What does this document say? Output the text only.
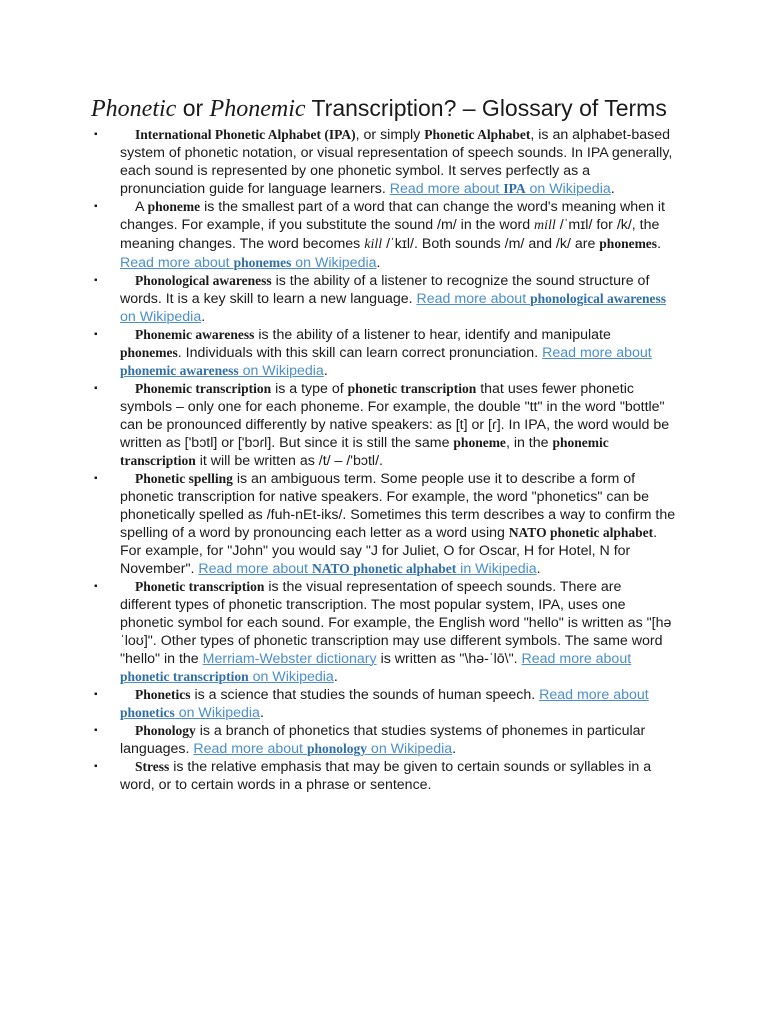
Phonetic or Phonemic Transcription? – Glossary of Terms
▪	International Phonetic Alphabet (IPA), or simply Phonetic Alphabet, is an alphabet-based system of phonetic notation, or visual representation of speech sounds. In IPA generally, each sound is represented by one phonetic symbol. It serves perfectly as a pronunciation guide for language learners. Read more about IPA on Wikipedia.
▪	A phoneme is the smallest part of a word that can change the word's meaning when it changes. For example, if you substitute the sound /m/ in the word mill /ˈmɪl/ for /k/, the meaning changes. The word becomes kill /ˈkɪl/. Both sounds /m/ and /k/ are phonemes. Read more about phonemes on Wikipedia.
▪	Phonological awareness is the ability of a listener to recognize the sound structure of words. It is a key skill to learn a new language. Read more about phonological awareness on Wikipedia.
▪	Phonemic awareness is the ability of a listener to hear, identify and manipulate phonemes. Individuals with this skill can learn correct pronunciation. Read more about phonemic awareness on Wikipedia.
▪	Phonemic transcription is a type of phonetic transcription that uses fewer phonetic symbols – only one for each phoneme. For example, the double "tt" in the word "bottle" can be pronounced differently by native speakers: as [t] or [ɾ]. In IPA, the word would be written as ['bɔtl] or ['bɔɾl]. But since it is still the same phoneme, in the phonemic transcription it will be written as /t/ – /'bɔtl/.
▪	Phonetic spelling is an ambiguous term. Some people use it to describe a form of phonetic transcription for native speakers. For example, the word "phonetics" can be phonetically spelled as /fuh-nEt-iks/. Sometimes this term describes a way to confirm the spelling of a word by pronouncing each letter as a word using NATO phonetic alphabet. For example, for "John" you would say "J for Juliet, O for Oscar, H for Hotel, N for November". Read more about NATO phonetic alphabet in Wikipedia.
▪	Phonetic transcription is the visual representation of speech sounds. There are different types of phonetic transcription. The most popular system, IPA, uses one phonetic symbol for each sound. For example, the English word "hello" is written as "[həˈloʊ]". Other types of phonetic transcription may use different symbols. The same word "hello" in the Merriam-Webster dictionary is written as "\hə-ˈlō\". Read more about phonetic transcription on Wikipedia.
▪	Phonetics is a science that studies the sounds of human speech. Read more about phonetics on Wikipedia.
▪	Phonology is a branch of phonetics that studies systems of phonemes in particular languages. Read more about phonology on Wikipedia.
▪	Stress is the relative emphasis that may be given to certain sounds or syllables in a word, or to certain words in a phrase or sentence.
